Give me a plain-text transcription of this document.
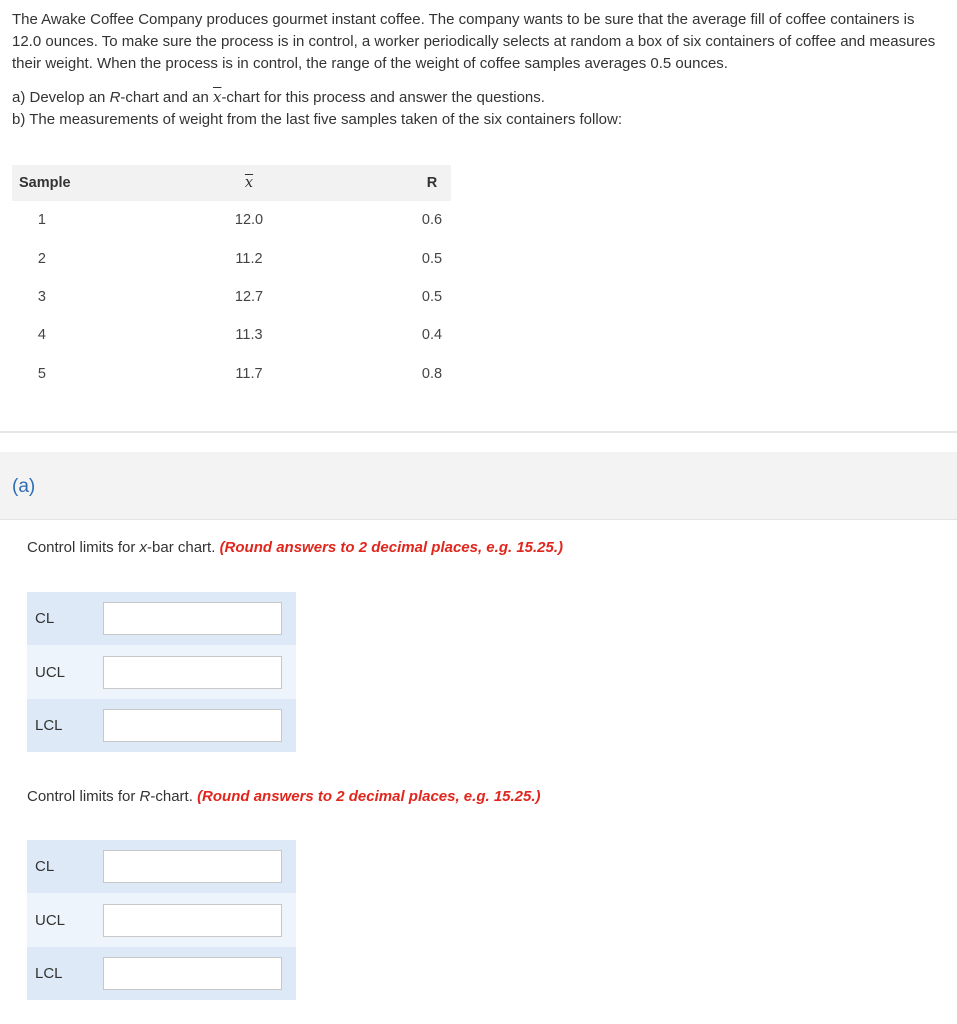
The Awake Coffee Company produces gourmet instant coffee. The company wants to be sure that the average fill of coffee containers is 12.0 ounces. To make sure the process is in control, a worker periodically selects at random a box of six containers of coffee and measures their weight. When the process is in control, the range of the weight of coffee samples averages 0.5 ounces.

a) Develop an R-chart and an $\overline{x}$-chart for this process and answer the questions.

b) The measurements of weight from the last five samples taken of the six containers follow:

Sample		$\overline{x}$		R
1		12.0		0.6
2		11.2		0.5
3		12.7		0.5
4		11.3		0.4
5		11.7		0.8
(a)
Control limits for x-bar chart. (Round answers to 2 decimal places, e.g. 15.25.)
CL
UCL
LCL
Control limits for R-chart. (Round answers to 2 decimal places, e.g. 15.25.)
CL
UCL
LCL
